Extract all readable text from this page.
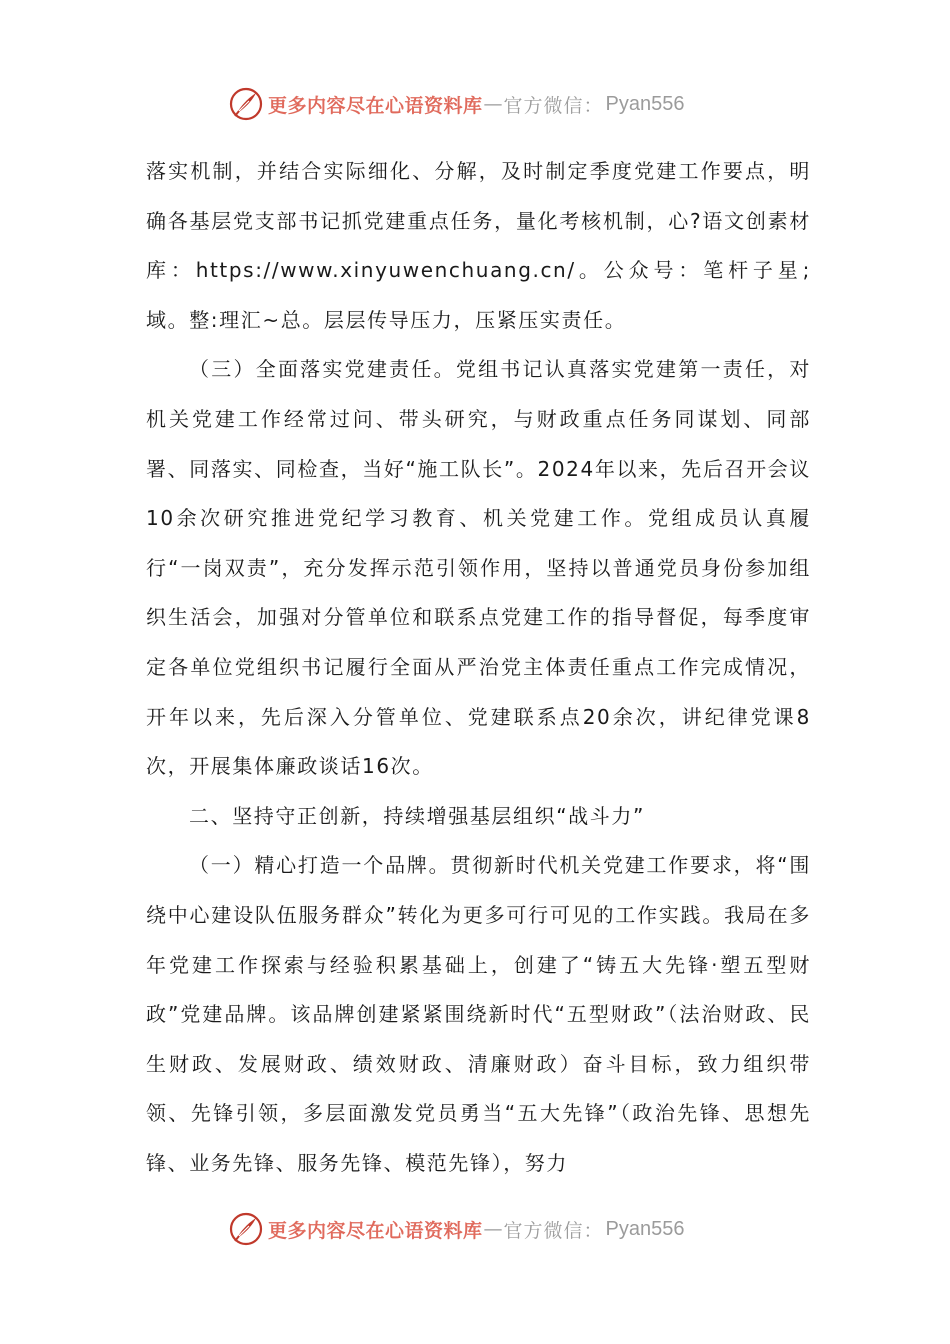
更多内容尽在心语资料库 — 官方微信： Pyan556

落实机制，并结合实际细化、分解，及时制定季度党建工作要点，明确各基层党支部书记抓党建重点任务，量化考核机制，心?语文创素材库：https://www.xinyuwenchuang.cn/。公众号：笔杆子星;域。整:理汇~总。层层传导压力，压紧压实责任。

（三）全面落实党建责任。党组书记认真落实党建第一责任，对机关党建工作经常过问、带头研究，与财政重点任务同谋划、同部署、同落实、同检查，当好“施工队长”。2024年以来，先后召开会议10余次研究推进党纪学习教育、机关党建工作。党组成员认真履行“一岗双责”，充分发挥示范引领作用，坚持以普通党员身份参加组织生活会，加强对分管单位和联系点党建工作的指导督促，每季度审定各单位党组织书记履行全面从严治党主体责任重点工作完成情况，开年以来，先后深入分管单位、党建联系点20余次，讲纪律党课8次，开展集体廉政谈话16次。

二、坚持守正创新，持续增强基层组织“战斗力”

（一）精心打造一个品牌。贯彻新时代机关党建工作要求，将“围绕中心建设队伍服务群众”转化为更多可行可见的工作实践。我局在多年党建工作探索与经验积累基础上，创建了“铸五大先锋·塑五型财政”党建品牌。该品牌创建紧紧围绕新时代“五型财政”（法治财政、民生财政、发展财政、绩效财政、清廉财政）奋斗目标，致力组织带领、先锋引领，多层面激发党员勇当“五大先锋”（政治先锋、思想先锋、业务先锋、服务先锋、模范先锋），努力

更多内容尽在心语资料库 — 官方微信： Pyan556
